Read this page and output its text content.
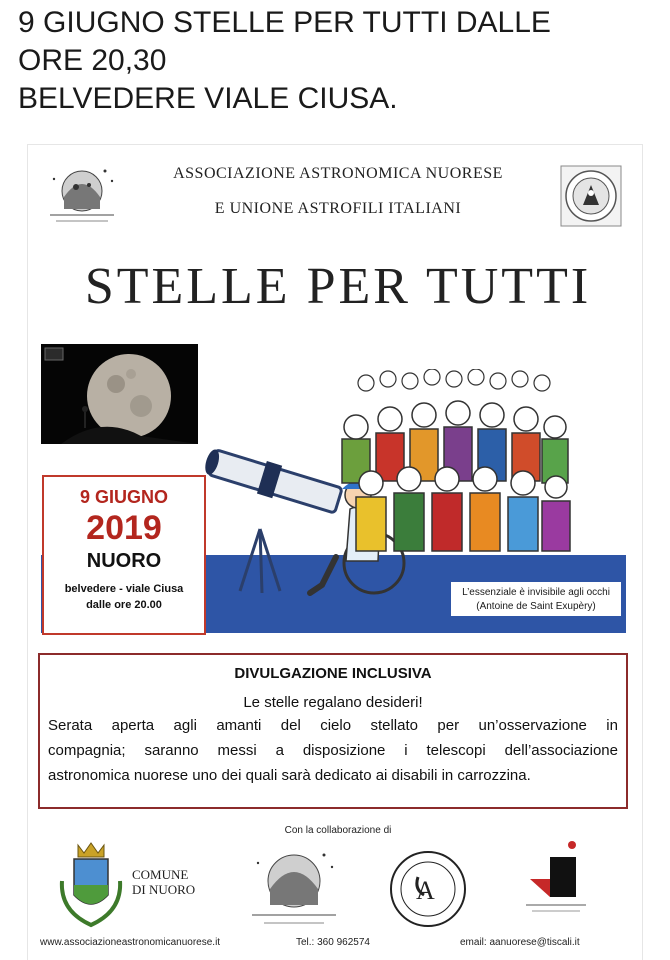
9 GIUGNO STELLE PER TUTTI DALLE
ORE 20,30
BELVEDERE VIALE CIUSA.
ASSOCIAZIONE ASTRONOMICA NUORESE
E UNIONE ASTROFILI ITALIANI
STELLE PER TUTTI
9 GIUGNO
2019
NUORO
belvedere - viale Ciusa
dalle ore 20.00
L’essenziale è invisibile agli occhi
(Antoine de Saint Exupèry)
DIVULGAZIONE INCLUSIVA
Le stelle regalano desideri!
Serata aperta agli amanti del cielo stellato per un’osservazione in
compagnia; saranno messi a disposizione i telescopi dell’associazione
astronomica nuorese uno dei quali sarà dedicato ai disabili in carrozzina.
Con la collaborazione di
COMUNE
DI NUORO	A
www.associazioneastronomicanuorese.it	Tel.: 360 962574	email: aanuorese@tiscali.it
